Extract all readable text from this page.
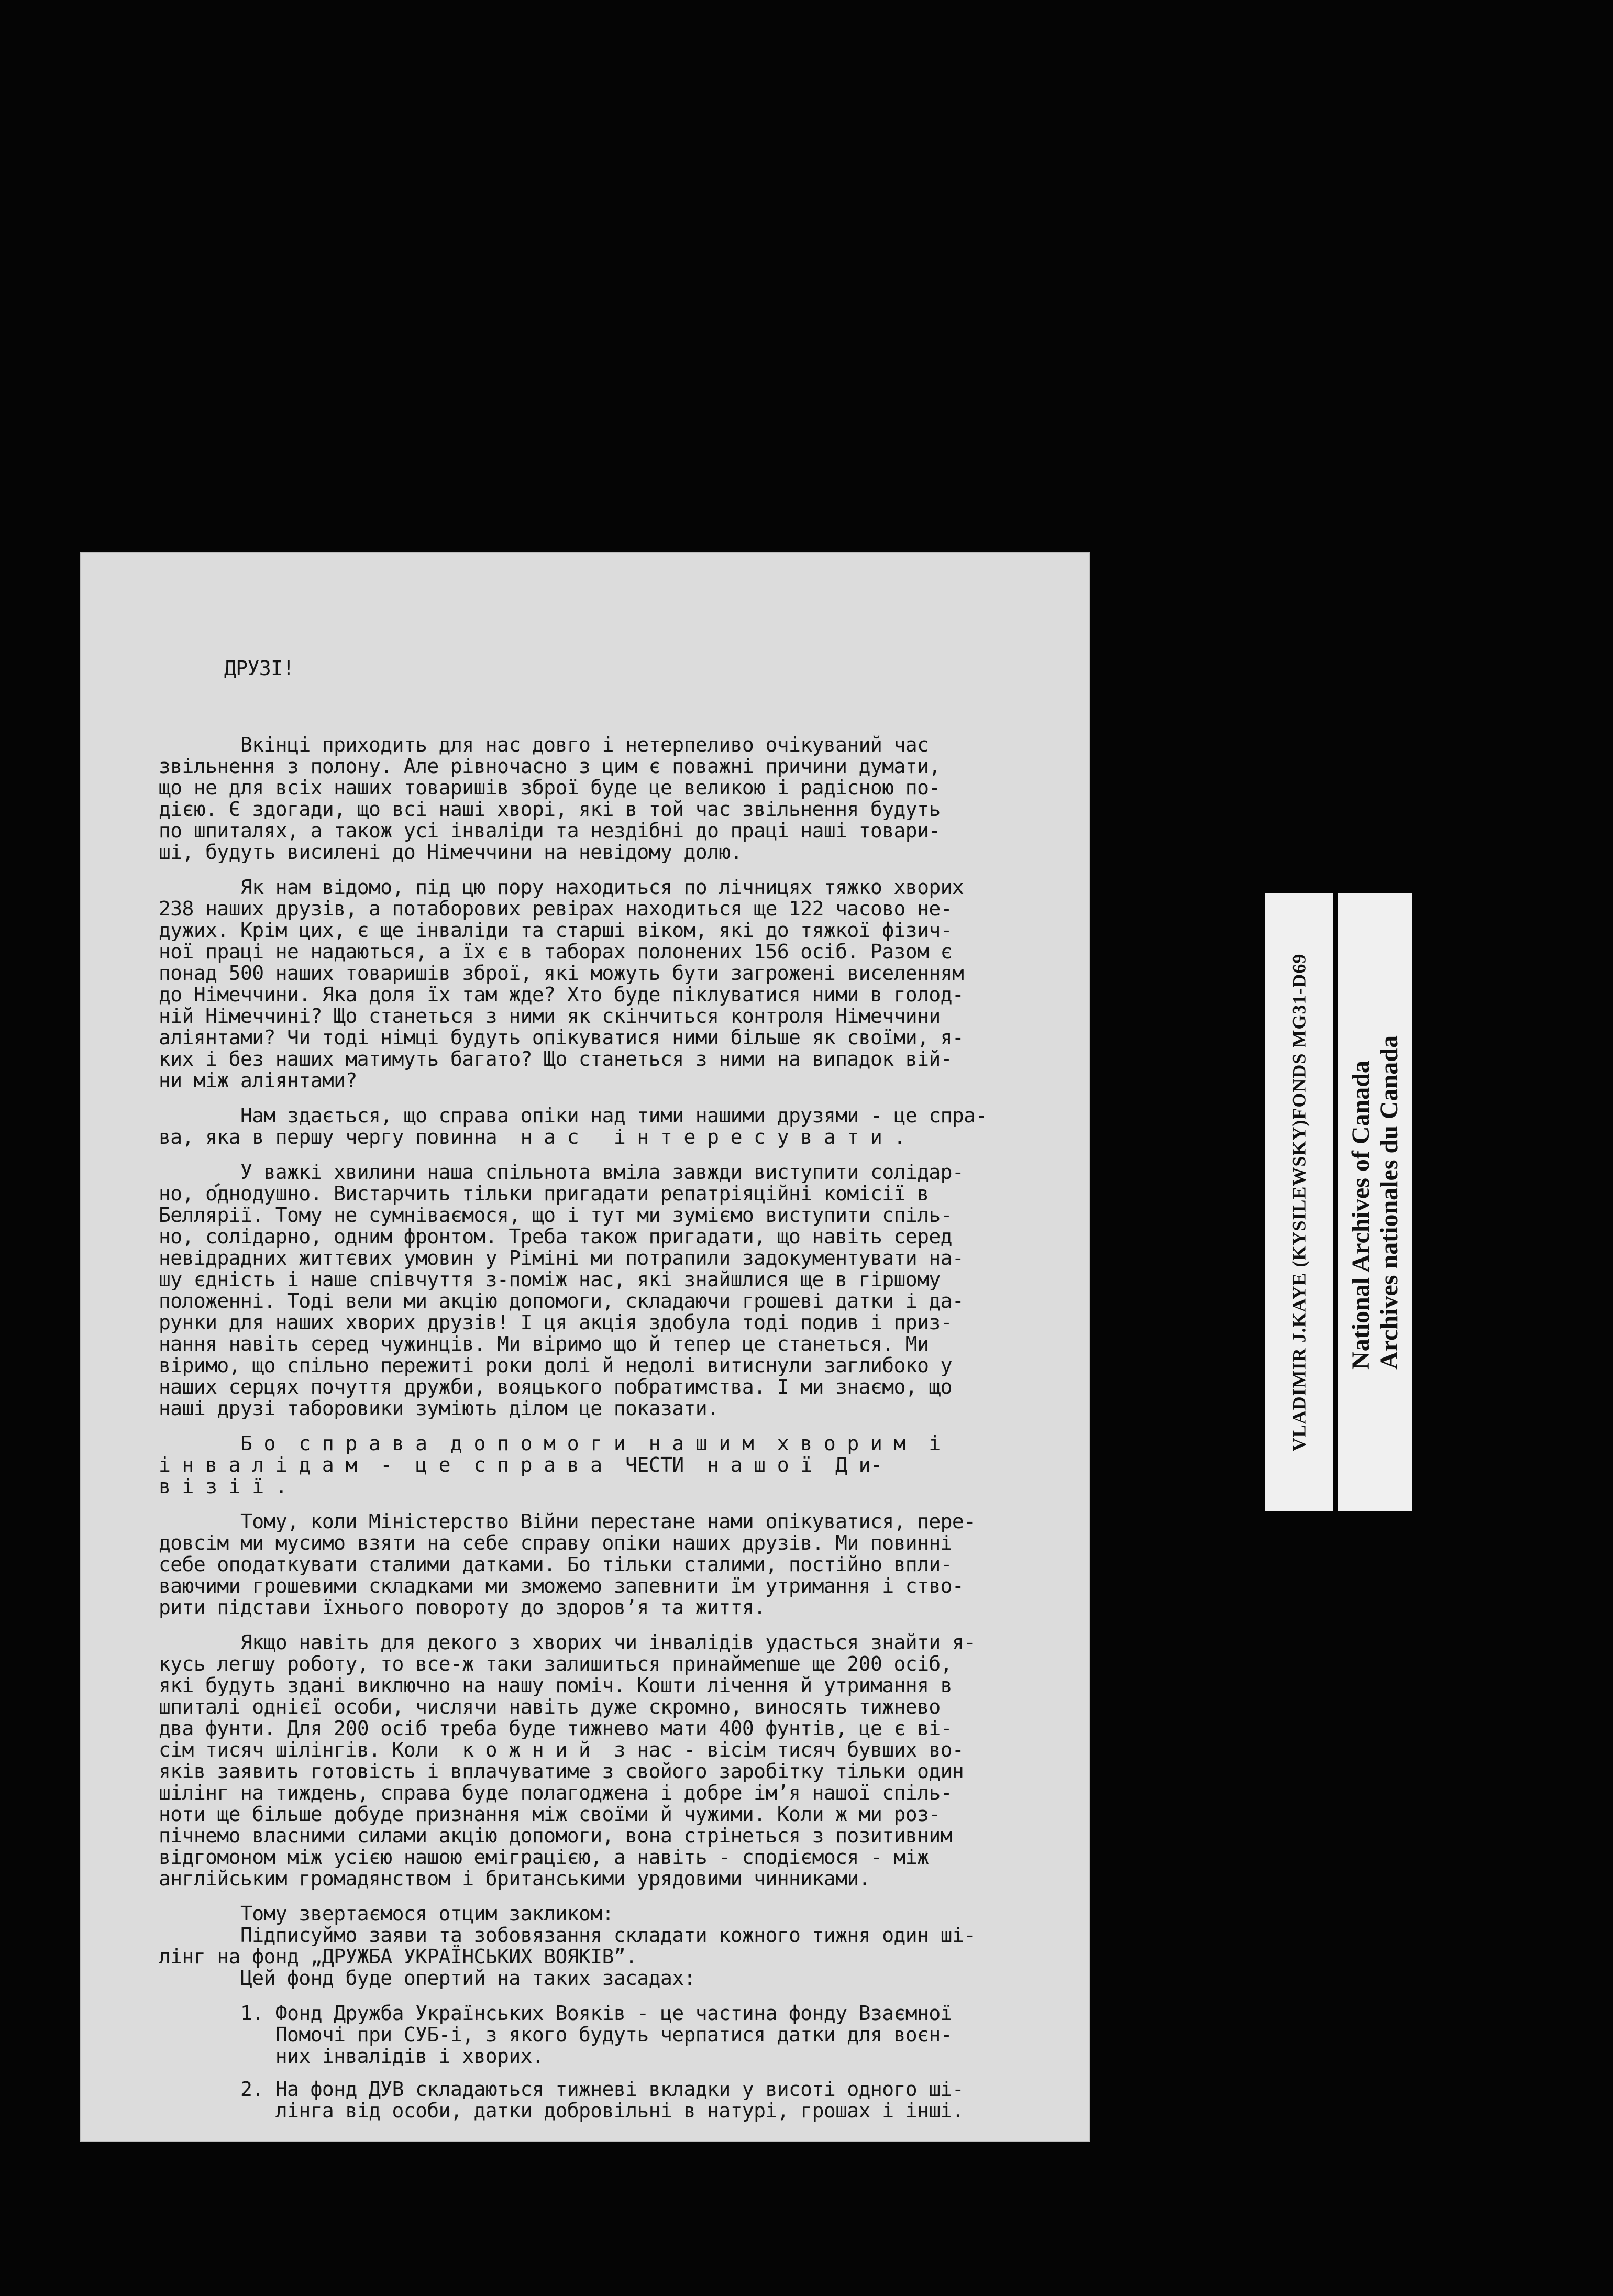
ДРУЗІ!

Вкінці приходить для нас довго і нетерпеливо очікуваний час
звільнення з полону. Але рівночасно з цим є поважні причини думати,
що не для всіх наших товаришів зброї буде це великою і радісною по-
дією. Є здогади, що всі наші хворі, які в той час звільнення будуть
по шпиталях, а також усі інваліди та нездібні до праці наші товари-
ші, будуть висилені до Німеччини на невідому долю.

Як нам відомо, під цю пору находиться по лічницях тяжко хворих
238 наших друзів, а потаборових ревірах находиться ще 122 часово не-
дужих. Крім цих, є ще інваліди та старші віком, які до тяжкої фізич-
ної праці не надаються, а їх є в таборах полонених 156 осіб. Разом є
понад 500 наших товаришів зброї, які можуть бути загрожені виселенням
до Німеччини. Яка доля їх там жде? Хто буде піклуватися ними в голод-
ній Німеччині? Що станеться з ними як скінчиться контроля Німеччини
аліянтами? Чи тоді німці будуть опікуватися ними більше як своїми, я-
ких і без наших матимуть багато? Що станеться з ними на випадок вій-
ни між аліянтами?

Нам здається, що справа опіки над тими нашими друзями - це спра-
ва, яка в першу чергу повинна  н а с   і н т е р е с у в а т и .

У важкі хвилини наша спільнота вміла завжди виступити солідар-
но, однодушно. Вистарчить тільки пригадати репатріяційні комісії в
Беллярії. Тому не сумніваємося, що і тут ми зуміємо виступити спіль-
но, солідарно, одним фронтом. Треба також пригадати, що навіть серед
невідрадних життєвих умовин у Ріміні ми потрапили задокументувати на-
шу єдність і наше співчуття з-поміж нас, які знайшлися ще в гіршому
положенні. Тоді вели ми акцію допомоги, складаючи грошеві датки і да-
рунки для наших хворих друзів! І ця акція здобула тоді подив і приз-
нання навіть серед чужинців. Ми віримо що й тепер це станеться. Ми
віримо, що спільно пережиті роки долі й недолі витиснули заглибоко у
наших серцях почуття дружби, вояцького побратимства. І ми знаємо, що
наші друзі таборовики зуміють ділом це показати.

Б о  с п р а в а  д о п о м о г и  н а ш и м  х в о р и м  і
і н в а л і д а м  -  ц е  с п р а в а  ЧЕСТИ  н а ш о ї  Д и-
в і з і ї .

Тому, коли Міністерство Війни перестане нами опікуватися, пере-
довсім ми мусимо взяти на себе справу опіки наших друзів. Ми повинні
себе оподаткувати сталими датками. Бо тільки сталими, постійно впли-
ваючими грошевими складками ми зможемо запевнити їм утримання і ство-
рити підстави їхнього повороту до здоров’я та життя.

Якщо навіть для декого з хворих чи інвалідів удасться знайти я-
кусь легшу роботу, то все-ж таки залишиться принаймenше ще 200 осіб,
які будуть здані виключно на нашу поміч. Кошти лічення й утримання в
шпиталі однієї особи, числячи навіть дуже скромно, виносять тижнево
два фунти. Для 200 осіб треба буде тижнево мати 400 фунтів, це є ві-
сім тисяч шілінгів. Коли  к о ж н и й  з нас - вісім тисяч бувших во-
яків заявить готовість і вплачуватиме з свойого заробітку тільки один
шілінг на тиждень, справа буде полагоджена і добре ім’я нашої спіль-
ноти ще більше добуде признання між своїми й чужими. Коли ж ми роз-
пічнемо власними силами акцію допомоги, вона стрінеться з позитивним
відгомоном між усією нашою еміграцією, а навіть - сподіємося - між
англійським громадянством і британськими урядовими чинниками.

Тому звертаємося отцим закликом:
Підписуймо заяви та зобовязання складати кожного тижня один ші-
лінг на фонд „ДРУЖБА УКРАЇНСЬКИХ ВОЯКІВ”.
Цей фонд буде опертий на таких засадах:

1. Фонд Дружба Українських Вояків - це частина фонду Взаємної
Помочі при СУБ-і, з якого будуть черпатися датки для воєн-
них інвалідів і хворих.

2. На фонд ДУВ складаються тижневі вкладки у висоті одного ші-
лінга від особи, датки добровільні в натурі, грошах і інші.

VLADIMIR J.KAYE (KYSILEWSKY)FONDS MG31-D69 National Archives of Canada Archives nationales du Canada
